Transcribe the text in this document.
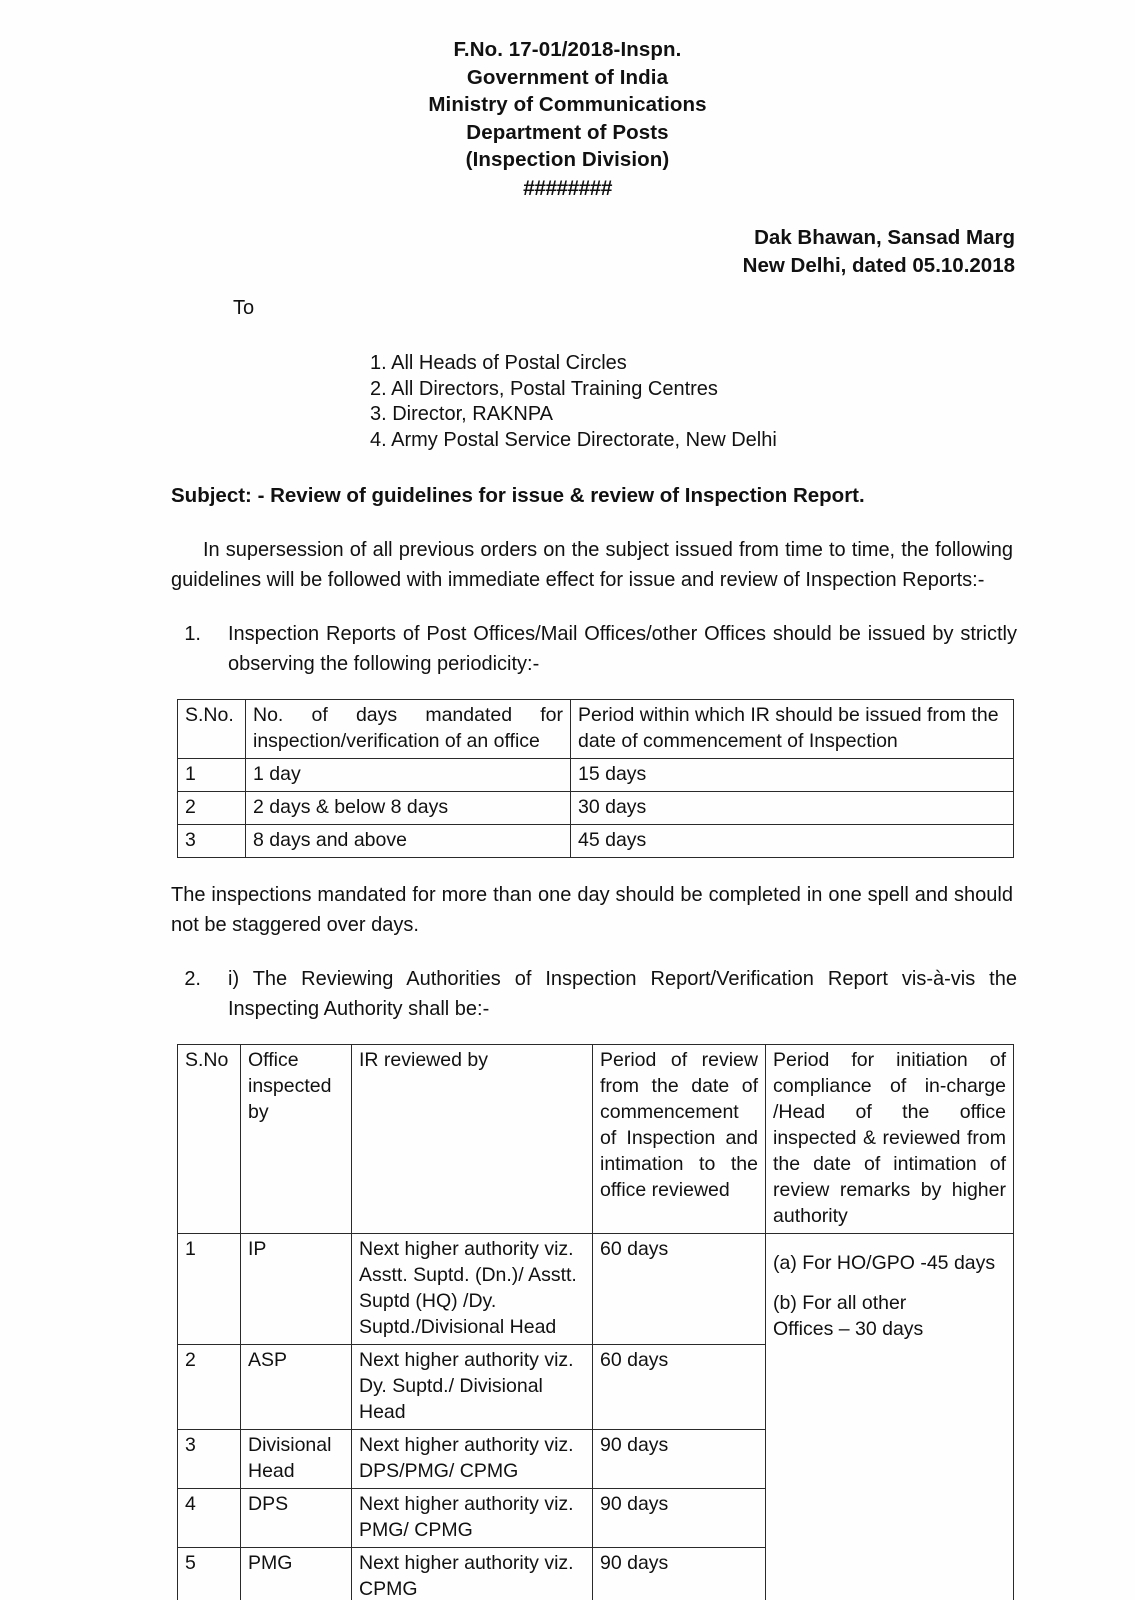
F.No. 17-01/2018-Inspn.
Government of India
Ministry of Communications
Department of Posts
(Inspection Division)
########
Dak Bhawan, Sansad Marg
New Delhi, dated 05.10.2018
To
1. All Heads of Postal Circles
2. All Directors, Postal Training Centres
3. Director, RAKNPA
4. Army Postal Service Directorate, New Delhi
Subject: - Review of guidelines for issue & review of Inspection Report.
In supersession of all previous orders on the subject issued from time to time, the following guidelines will be followed with immediate effect for issue and review of Inspection Reports:-
1.	Inspection Reports of Post Offices/Mail Offices/other Offices should be issued by strictly observing the following periodicity:-
S.No.	No. of days mandated for inspection/verification of an office	Period within which IR should be issued from the date of commencement of Inspection
1	1 day	15 days
2	2 days & below 8 days	30 days
3	8 days and above	45 days
The inspections mandated for more than one day should be completed in one spell and should not be staggered over days.
2.	i) The Reviewing Authorities of Inspection Report/Verification Report vis-à-vis the Inspecting Authority shall be:-
S.No	Office inspected by	IR reviewed by	Period of review from the date of commencement of Inspection and intimation to the office reviewed	Period for initiation of compliance of in-charge /Head of the office inspected & reviewed from the date of intimation of review remarks by higher authority
1	IP	Next higher authority viz. Asstt. Suptd. (Dn.)/ Asstt. Suptd (HQ) /Dy. Suptd./Divisional Head	60 days	(a) For HO/GPO -45 days
(b) For all other
Offices – 30 days

2	ASP	Next higher authority viz. Dy. Suptd./ Divisional Head	60 days	
3	Divisional Head	Next higher authority viz. DPS/PMG/ CPMG	90 days	
4	DPS	Next higher authority viz. PMG/ CPMG	90 days	
5	PMG	Next higher authority viz. CPMG	90 days	
